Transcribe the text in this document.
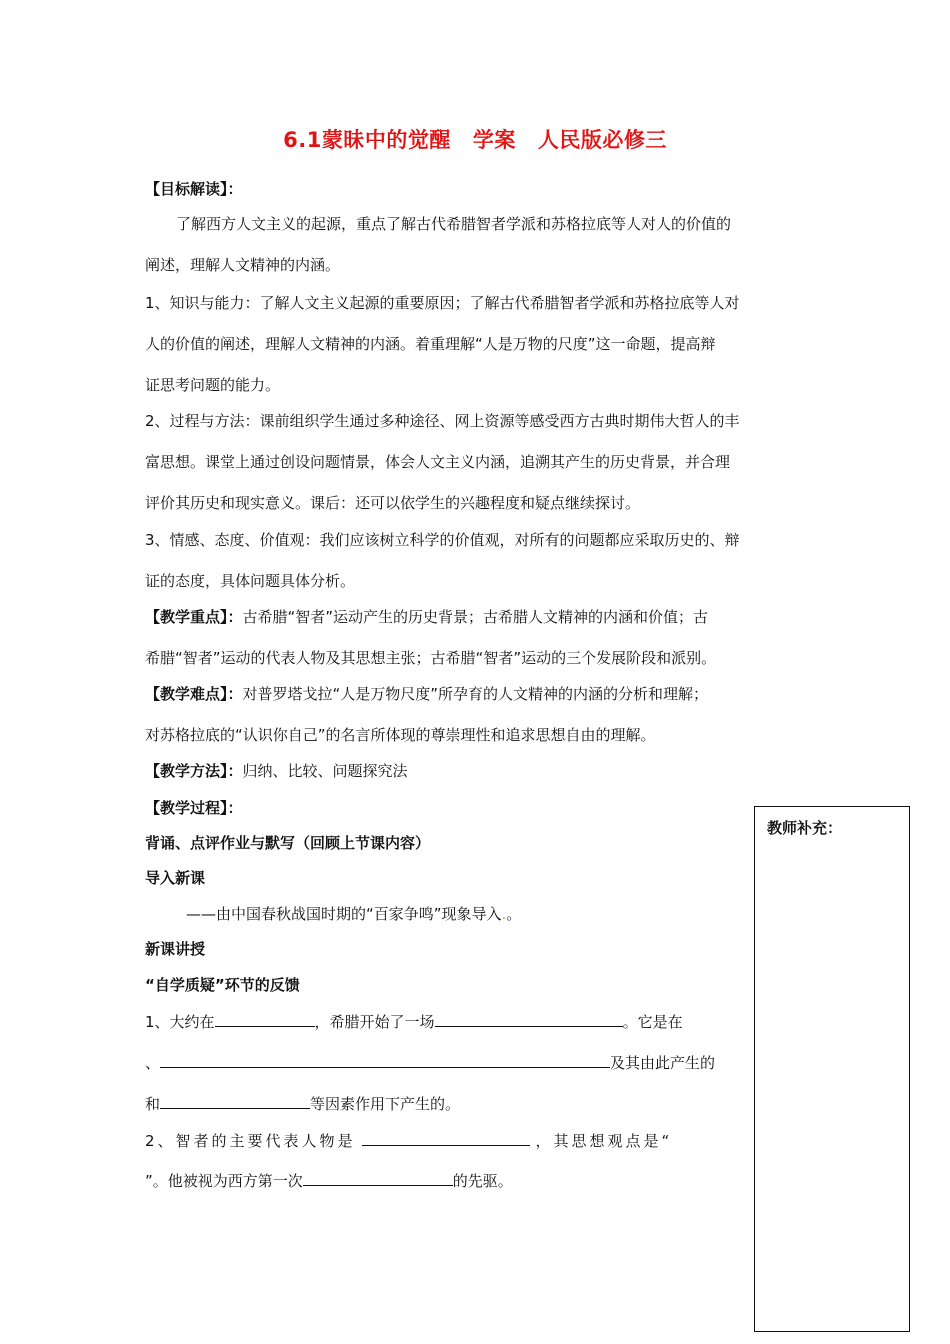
6.1蒙昧中的觉醒 学案 人民版必修三
【目标解读】：
了解西方人文主义的起源，重点了解古代希腊智者学派和苏格拉底等人对人的价值的
阐述，理解人文精神的内涵。
1、知识与能力：了解人文主义起源的重要原因；了解古代希腊智者学派和苏格拉底等人对
人的价值的阐述，理解人文精神的内涵。着重理解“人是万物的尺度”这一命题，提高辩
证思考问题的能力。
2、过程与方法：课前组织学生通过多种途径、网上资源等感受西方古典时期伟大哲人的丰
富思想。课堂上通过创设问题情景，体会人文主义内涵，追溯其产生的历史背景，并合理
评价其历史和现实意义。课后：还可以依学生的兴趣程度和疑点继续探讨。
3、情感、态度、价值观：我们应该树立科学的价值观，对所有的问题都应采取历史的、辩
证的态度，具体问题具体分析。
【教学重点】：古希腊“智者”运动产生的历史背景；古希腊人文精神的内涵和价值；古
希腊“智者”运动的代表人物及其思想主张；古希腊“智者”运动的三个发展阶段和派别。
【教学难点】：对普罗塔戈拉“人是万物尺度”所孕育的人文精神的内涵的分析和理解；
对苏格拉底的“认识你自己”的名言所体现的尊崇理性和追求思想自由的理解。
【教学方法】：归纳、比较、问题探究法
【教学过程】：
背诵、点评作业与默写（回顾上节课内容）
导入新课
——由中国春秋战国时期的“百家争鸣”现象导入.。
新课讲授
“自学质疑”环节的反馈
1、大约在	，希腊开始了一场	。它是在
、	及其由此产生的
和	等因素作用下产生的。
2、智者的主要代表人物是	，其思想观点是“
”。他被视为西方第一次	的先驱。
教师补充：
